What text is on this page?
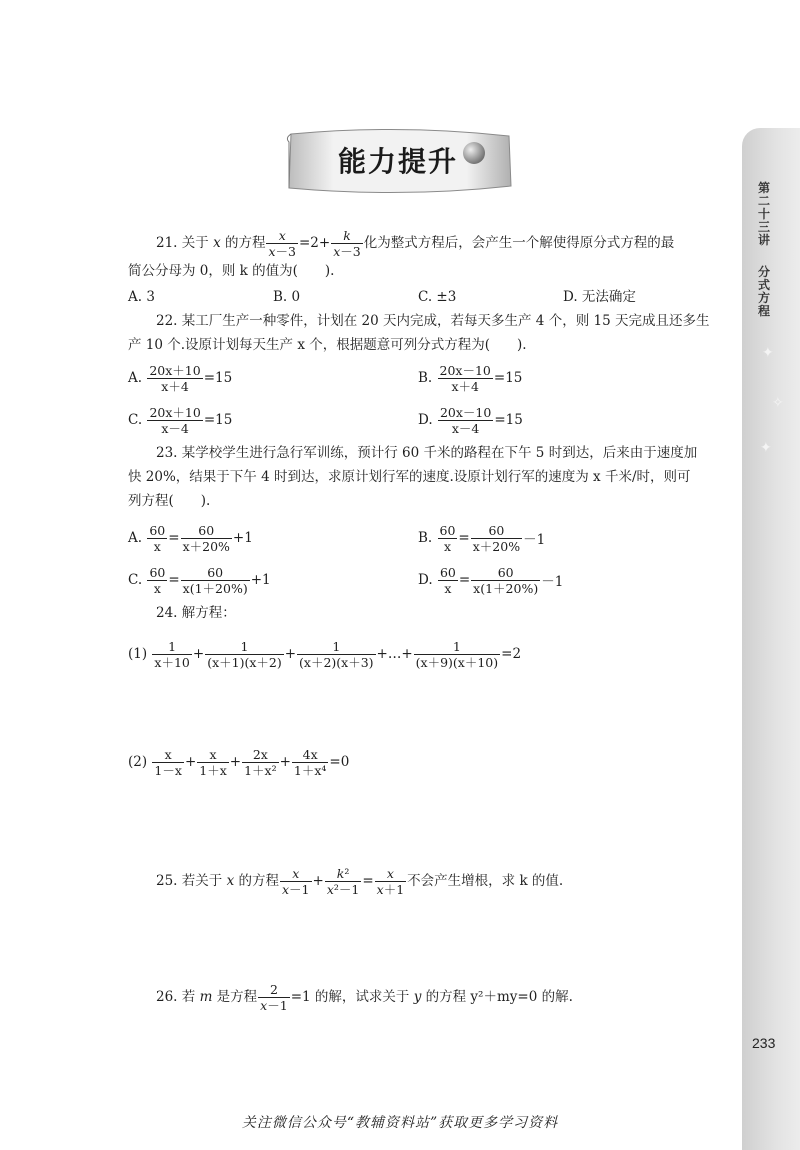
第二十三讲
分式方程
✦
✧
✦
233
能力提升
21. 关于 x 的方程 $\frac{x}{x-3} =2+ \frac{k}{x-3}$ 化为整式方程后，会产生一个解使得原分式方程的最
简公分母为 0，则 k 的值为(　　).
A. 3	B. 0	C. ±3	D. 无法确定
22. 某工厂生产一种零件，计划在 20 天内完成，若每天多生产 4 个，则 15 天完成且还多生
产 10 个.设原计划每天生产 x 个，根据题意可列分式方程为(　　).
A.
$\frac{20x+10}{x+4} =15$	B.
$\frac{20x-10}{x+4} =15$
C.
$\frac{20x+10}{x-4} =15$	D.
$\frac{20x-10}{x-4} =15$
23. 某学校学生进行急行军训练，预计行 60 千米的路程在下午 5 时到达，后来由于速度加
快 20%，结果于下午 4 时到达，求原计划行军的速度.设原计划行军的速度为 x 千米/时，则可
列方程(　　).
A.
$\frac{60}{x} = \frac{60}{x+20\%} +1$	B.
$\frac{60}{x} = \frac{60}{x+20\%} -1$
C.
$\frac{60}{x} = \frac{60}{x(1+20\%)} +1$	D.
$\frac{60}{x} = \frac{60}{x(1+20\%)} -1$
24. 解方程：
(1)
$\frac{1}{x+10} + \frac{1}{(x+1)(x+2)} + \frac{1}{(x+2)(x+3)}$ +…+ $\frac{1}{(x+9)(x+10)} =2$
(2)
$\frac{x}{1-x} + \frac{x}{1+x} + \frac{2x}{\text{1＋x²}} + \frac{4x}{\text{1＋x⁴}} =0$
25. 若关于
x
的方程 $\frac{x}{x-1} + \frac{\text{k²}}{\text{x²－1}} = \frac{x}{x+1}$ 不会产生增根，求 k 的值.
26. 若
m
是方程 $\frac{2}{x-1} =1$ 的解，试求关于
y
的方程 y²＋my=0 的解.
关注微信公众号“教辅资料站”获取更多学习资料
